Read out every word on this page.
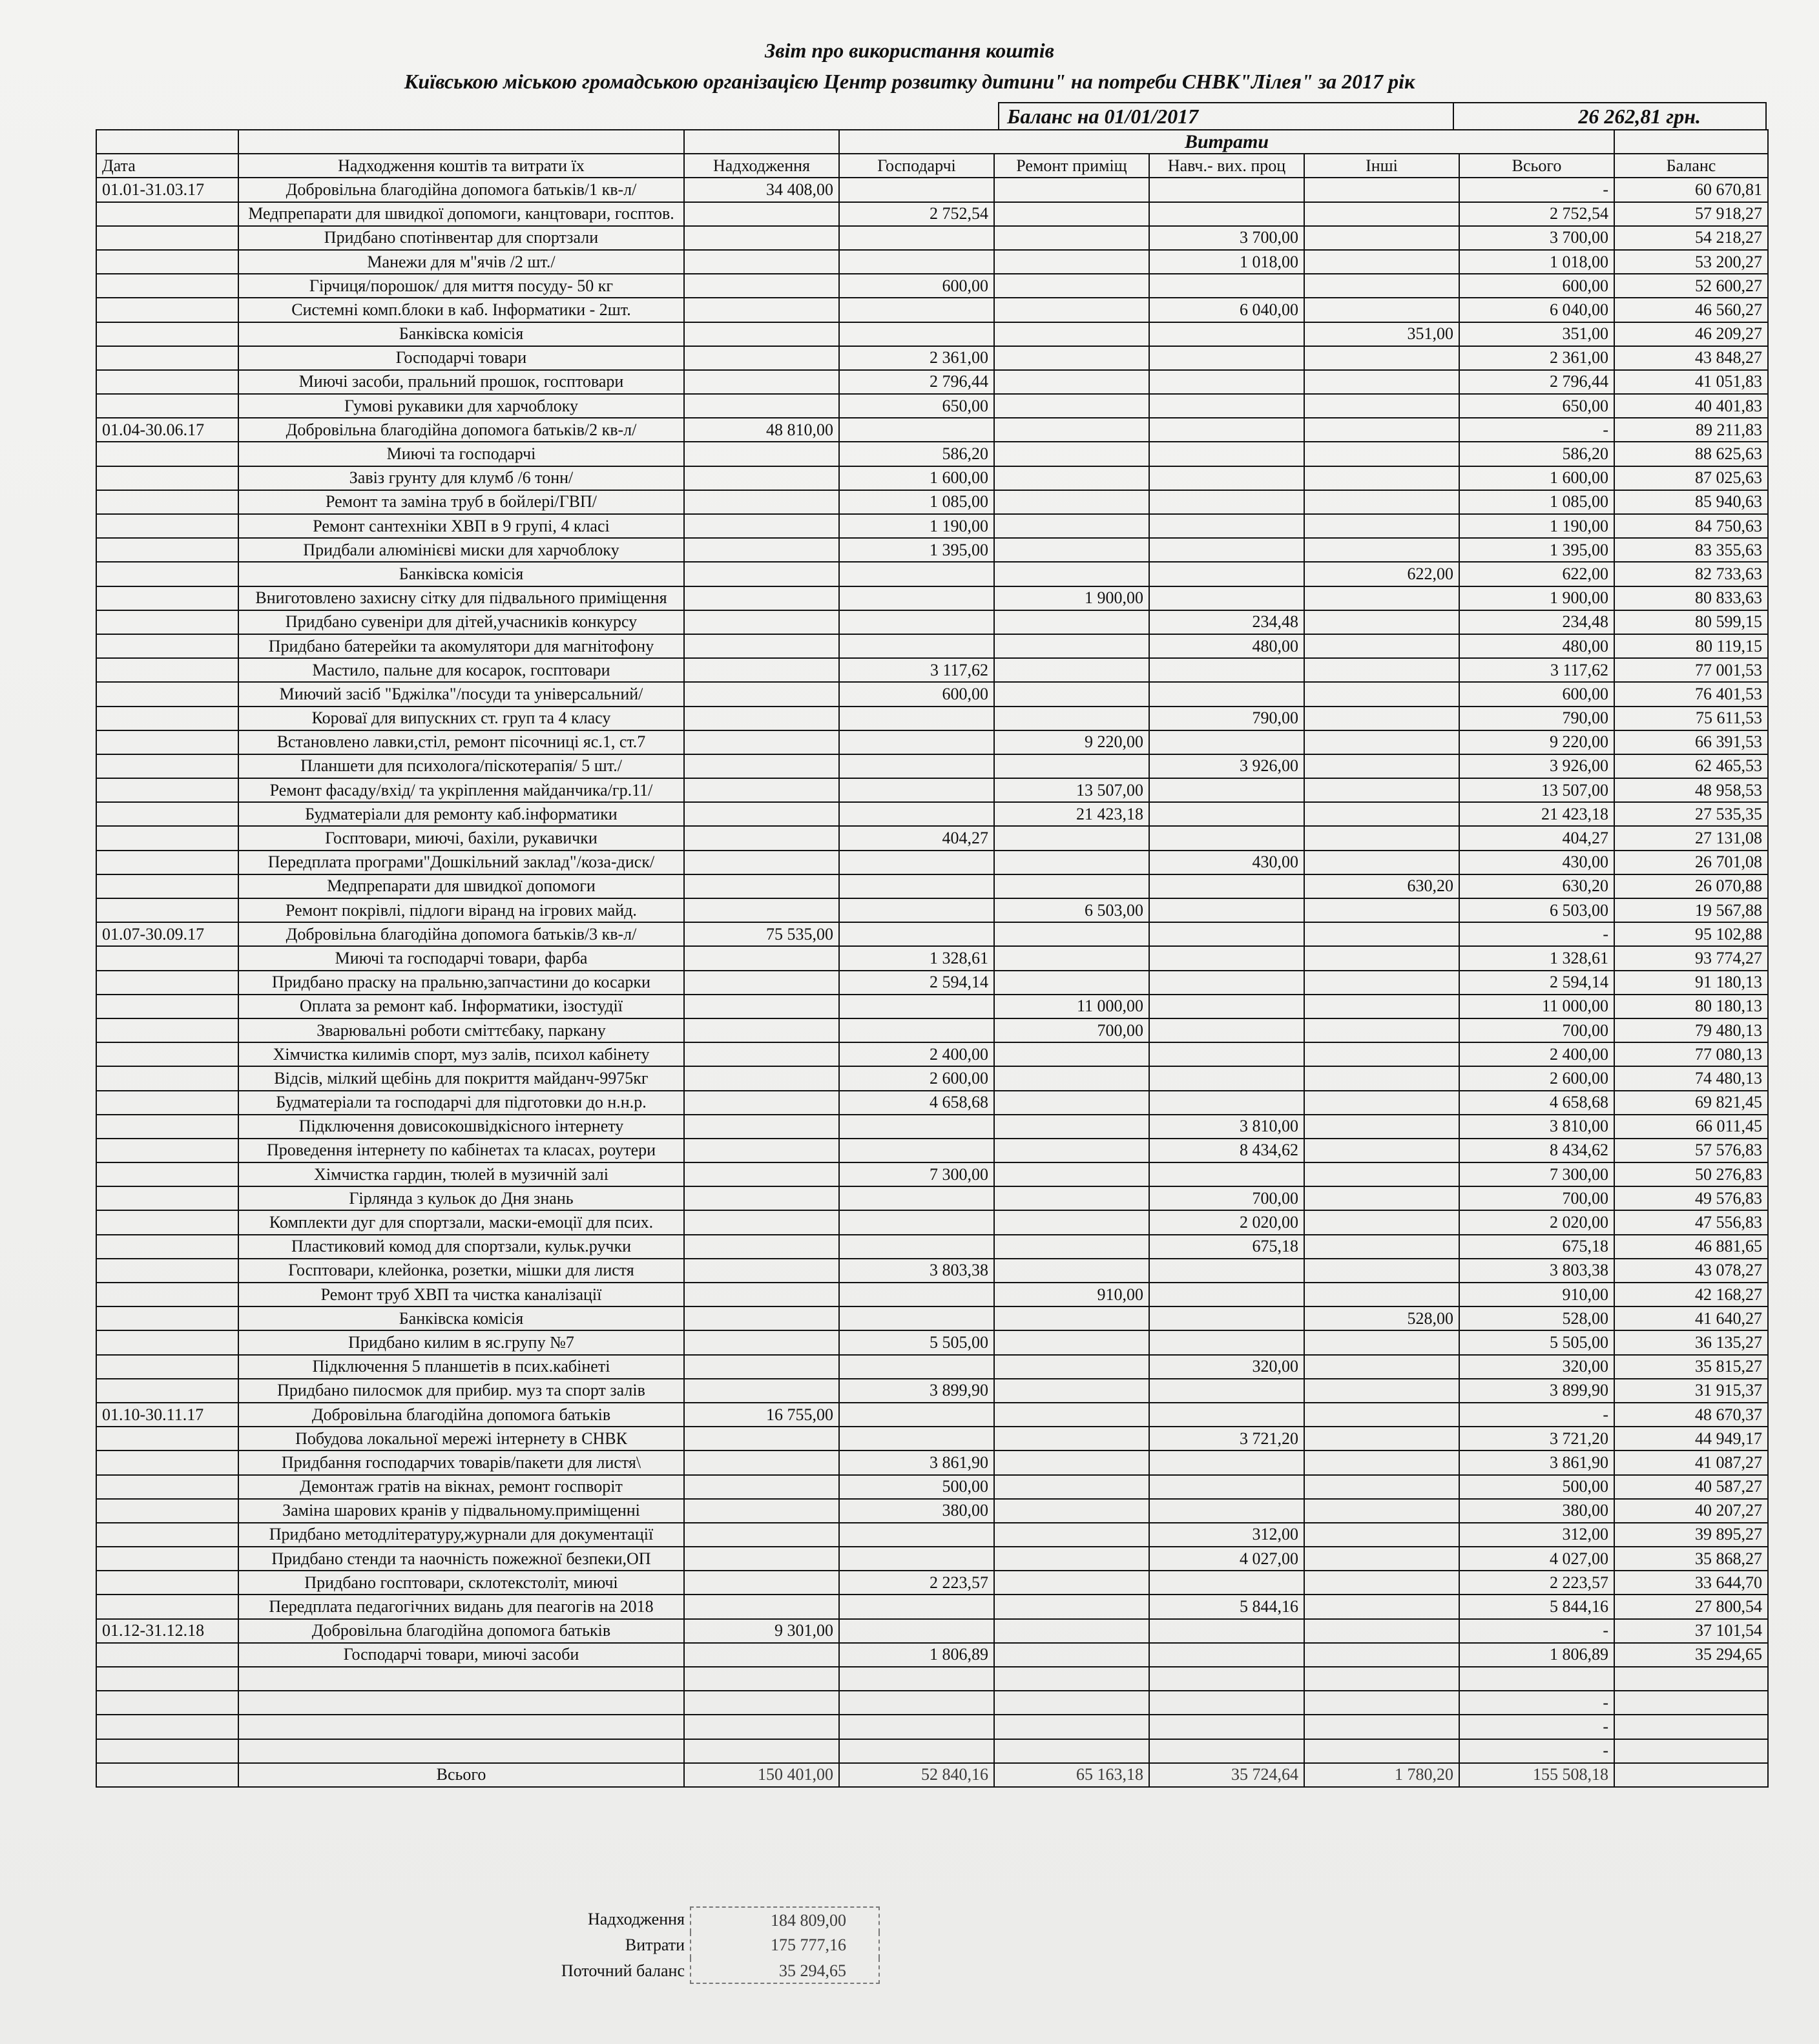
Звіт про використання коштів
Київською міською громадською організацією Центр розвитку дитини" на потреби СНВК"Лілея" за 2017 рік
Баланс на 01/01/2017	26 262,81 грн.
			Витрати					
Дата	Надходження коштів та витрати їх	Надходження	Господарчі	Ремонт приміщ	Навч.- вих. проц	Інші	Всього	Баланс
01.01-31.03.17	Добровільна благодійна допомога батьків/1 кв-л/	34 408,00					-	60 670,81
	Медпрепарати для швидкої допомоги, канцтовари, госптов.		2 752,54				2 752,54	57 918,27
	Придбано спотінвентар для спортзали				3 700,00		3 700,00	54 218,27
	Манежи для м"ячів /2 шт./				1 018,00		1 018,00	53 200,27
	Гірчиця/порошок/ для миття посуду- 50 кг		600,00				600,00	52 600,27
	Системні комп.блоки в каб. Інформатики - 2шт.				6 040,00		6 040,00	46 560,27
	Банківска комісія					351,00	351,00	46 209,27
	Господарчі товари		2 361,00				2 361,00	43 848,27
	Миючі засоби, пральний прошок, госптовари		2 796,44				2 796,44	41 051,83
	Гумові рукавики для харчоблоку		650,00				650,00	40 401,83
01.04-30.06.17	Добровільна благодійна допомога батьків/2 кв-л/	48 810,00					-	89 211,83
	Миючі та господарчі		586,20				586,20	88 625,63
	Завіз грунту для клумб /6 тонн/		1 600,00				1 600,00	87 025,63
	Ремонт та заміна труб в бойлері/ГВП/		1 085,00				1 085,00	85 940,63
	Ремонт сантехніки ХВП в 9 групі, 4 класі		1 190,00				1 190,00	84 750,63
	Придбали алюмінієві миски для харчоблоку		1 395,00				1 395,00	83 355,63
	Банківска комісія					622,00	622,00	82 733,63
	Вниготовлено захисну сітку для підвального приміщення			1 900,00			1 900,00	80 833,63
	Придбано сувеніри для дітей,учасників конкурсу				234,48		234,48	80 599,15
	Придбано батерейки та акомулятори для магнітофону				480,00		480,00	80 119,15
	Мастило, пальне для косарок, госптовари		3 117,62				3 117,62	77 001,53
	Миючий засіб "Бджілка"/посуди та універсальний/		600,00				600,00	76 401,53
	Короваї для випускних ст. груп та 4 класу				790,00		790,00	75 611,53
	Встановлено лавки,стіл, ремонт пісочниці яс.1, ст.7			9 220,00			9 220,00	66 391,53
	Планшети для психолога/піскотерапія/ 5 шт./				3 926,00		3 926,00	62 465,53
	Ремонт фасаду/вхід/ та укріплення майданчика/гр.11/			13 507,00			13 507,00	48 958,53
	Будматеріали для ремонту каб.інформатики			21 423,18			21 423,18	27 535,35
	Госптовари, миючі, бахіли, рукавички		404,27				404,27	27 131,08
	Передплата програми"Дошкільний заклад"/коза-диск/				430,00		430,00	26 701,08
	Медпрепарати для швидкої допомоги					630,20	630,20	26 070,88
	Ремонт покрівлі, підлоги віранд на ігрових майд.			6 503,00			6 503,00	19 567,88
01.07-30.09.17	Добровільна благодійна допомога батьків/3 кв-л/	75 535,00					-	95 102,88
	Миючі та господарчі товари, фарба		1 328,61				1 328,61	93 774,27
	Придбано праску на пральню,запчастини до косарки		2 594,14				2 594,14	91 180,13
	Оплата за ремонт каб. Інформатики, ізостудії			11 000,00			11 000,00	80 180,13
	Зварювальні роботи сміттєбаку, паркану			700,00			700,00	79 480,13
	Хімчистка килимів спорт, муз залів, психол кабінету		2 400,00				2 400,00	77 080,13
	Відсів, мілкий щебінь для покриття майданч-9975кг		2 600,00				2 600,00	74 480,13
	Будматеріали та господарчі для підготовки до н.н.р.		4 658,68				4 658,68	69 821,45
	Підключення довисокошвідкісного інтернету				3 810,00		3 810,00	66 011,45
	Проведення інтернету по кабінетах та класах, роутери				8 434,62		8 434,62	57 576,83
	Хімчистка гардин, тюлей в музичній залі		7 300,00				7 300,00	50 276,83
	Гірлянда з кульок до Дня знань				700,00		700,00	49 576,83
	Комплекти дуг для спортзали, маски-емоції для псих.				2 020,00		2 020,00	47 556,83
	Пластиковий комод для спортзали, кульк.ручки				675,18		675,18	46 881,65
	Госптовари, клейонка, розетки, мішки для листя		3 803,38				3 803,38	43 078,27
	Ремонт труб ХВП та чистка каналізації			910,00			910,00	42 168,27
	Банківска комісія					528,00	528,00	41 640,27
	Придбано килим в яс.групу №7		5 505,00				5 505,00	36 135,27
	Підключення 5 планшетів в псих.кабінеті				320,00		320,00	35 815,27
	Придбано пилосмок для прибир. муз та спорт залів		3 899,90				3 899,90	31 915,37
01.10-30.11.17	Добровільна благодійна допомога батьків	16 755,00					-	48 670,37
	Побудова локальної мережі інтернету в СНВК				3 721,20		3 721,20	44 949,17
	Придбання господарчих товарів/пакети для листя\		3 861,90				3 861,90	41 087,27
	Демонтаж гратів на вікнах, ремонт госпворіт		500,00				500,00	40 587,27
	Заміна шарових кранів у підвальному.приміщенні		380,00				380,00	40 207,27
	Придбано методлітературу,журнали для документації				312,00		312,00	39 895,27
	Придбано стенди та наочність пожежної безпеки,ОП				4 027,00		4 027,00	35 868,27
	Придбано госптовари, склотекстоліт, миючі		2 223,57				2 223,57	33 644,70
	Передплата педагогічних видань для пеагогів на 2018				5 844,16		5 844,16	27 800,54
01.12-31.12.18	Добровільна благодійна допомога батьків	9 301,00					-	37 101,54
	Господарчі товари, миючі засоби		1 806,89				1 806,89	35 294,65

							-	
							-	
							-	
	Всього	150 401,00	52 840,16	65 163,18	35 724,64	1 780,20	155 508,18	
Надходження	184 809,00
Витрати	175 777,16
Поточний баланс	35 294,65
